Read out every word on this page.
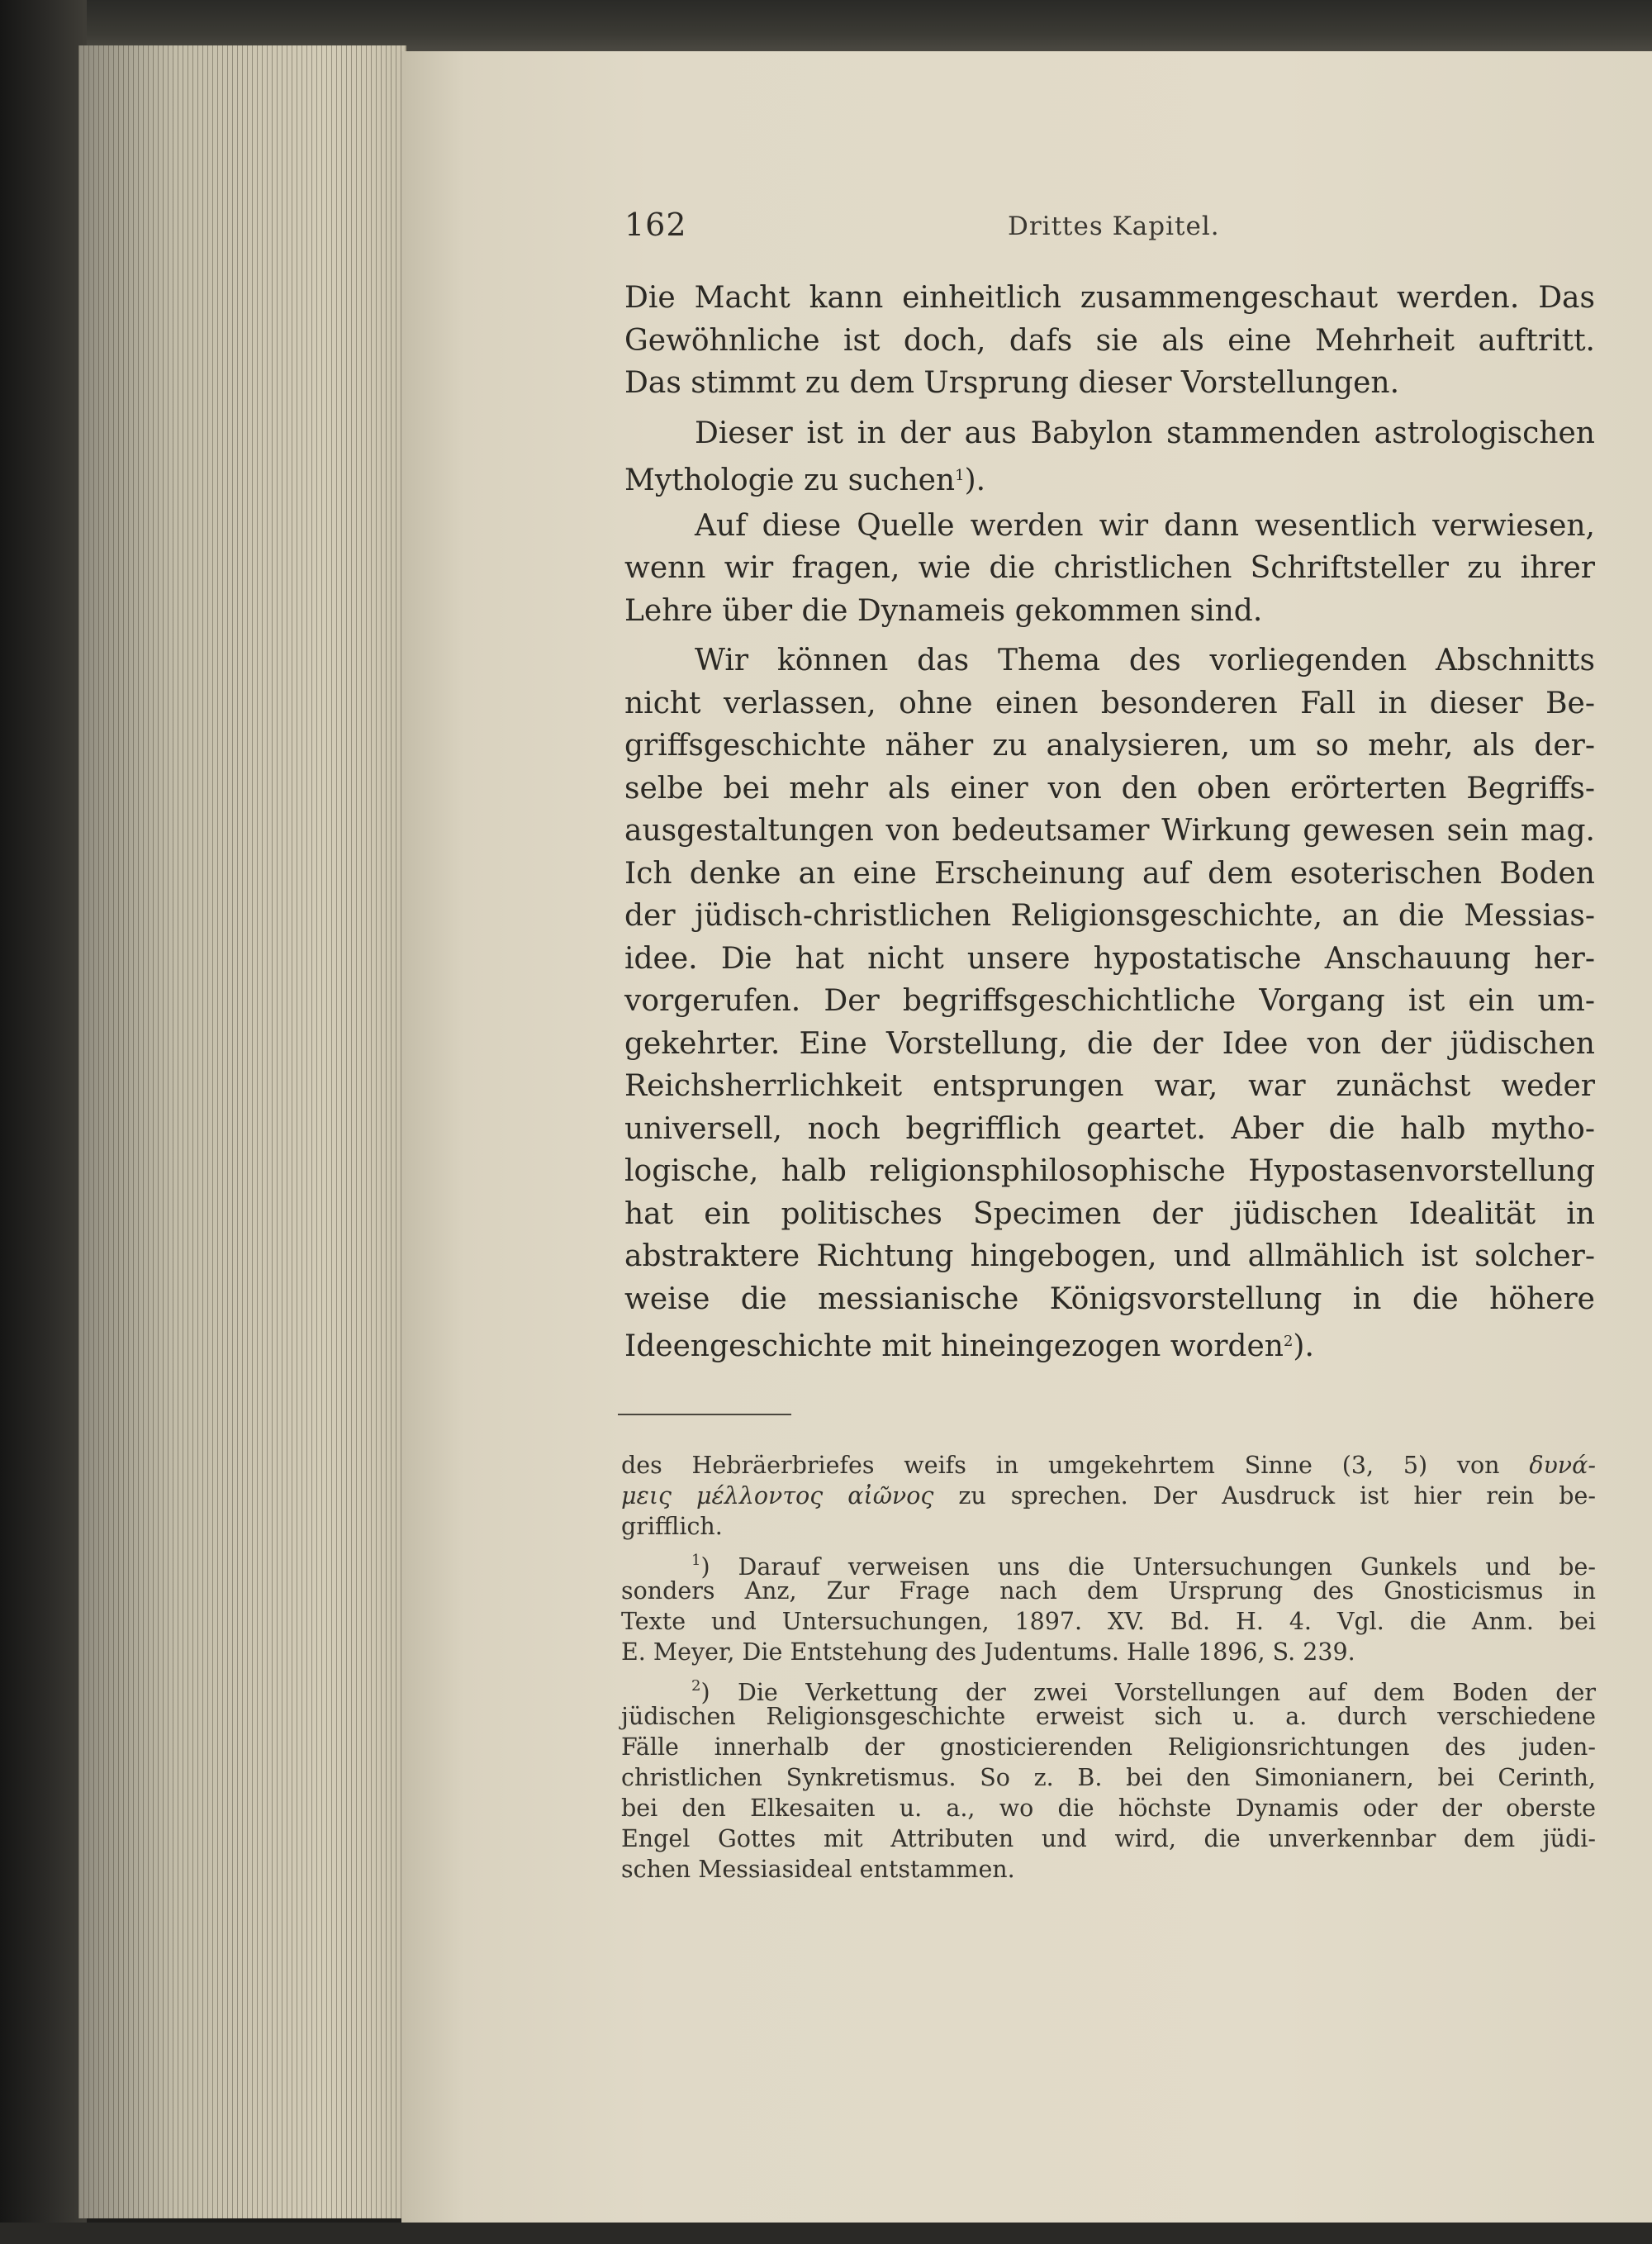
162	Drittes Kapitel.
Die Macht kann einheitlich zusammengeschaut werden. Das
Gewöhnliche ist doch, dafs sie als eine Mehrheit auftritt.
Das stimmt zu dem Ursprung dieser Vorstellungen.
Dieser ist in der aus Babylon stammenden astrologischen
Mythologie zu suchen$^1$).
Auf diese Quelle werden wir dann wesentlich verwiesen,
wenn wir fragen, wie die christlichen Schriftsteller zu ihrer
Lehre über die Dynameis gekommen sind.
Wir können das Thema des vorliegenden Abschnitts
nicht verlassen, ohne einen besonderen Fall in dieser Be-
griffsgeschichte näher zu analysieren, um so mehr, als der-
selbe bei mehr als einer von den oben erörterten Begriffs-
ausgestaltungen von bedeutsamer Wirkung gewesen sein mag.
Ich denke an eine Erscheinung auf dem esoterischen Boden
der jüdisch-christlichen Religionsgeschichte, an die Messias-
idee. Die hat nicht unsere hypostatische Anschauung her-
vorgerufen. Der begriffsgeschichtliche Vorgang ist ein um-
gekehrter. Eine Vorstellung, die der Idee von der jüdischen
Reichsherrlichkeit entsprungen war, war zunächst weder
universell, noch begrifflich geartet. Aber die halb mytho-
logische, halb religionsphilosophische Hypostasenvorstellung
hat ein politisches Specimen der jüdischen Idealität in
abstraktere Richtung hingebogen, und allmählich ist solcher-
weise die messianische Königsvorstellung in die höhere
Ideengeschichte mit hineingezogen worden$^2$).
des Hebräerbriefes weifs in umgekehrtem Sinne (3, 5) von δυνά-
μεις μέλλοντος αἰῶνος zu sprechen. Der Ausdruck ist hier rein be-
grifflich.
$^1$) Darauf verweisen uns die Untersuchungen Gunkels und be-
sonders Anz, Zur Frage nach dem Ursprung des Gnosticismus in
Texte und Untersuchungen, 1897. XV. Bd. H. 4. Vgl. die Anm. bei
E. Meyer, Die Entstehung des Judentums. Halle 1896, S. 239.
$^2$) Die Verkettung der zwei Vorstellungen auf dem Boden der
jüdischen Religionsgeschichte erweist sich u. a. durch verschiedene
Fälle innerhalb der gnosticierenden Religionsrichtungen des juden-
christlichen Synkretismus. So z. B. bei den Simonianern, bei Cerinth,
bei den Elkesaiten u. a., wo die höchste Dynamis oder der oberste
Engel Gottes mit Attributen und wird, die unverkennbar dem jüdi-
schen Messiasideal entstammen.
